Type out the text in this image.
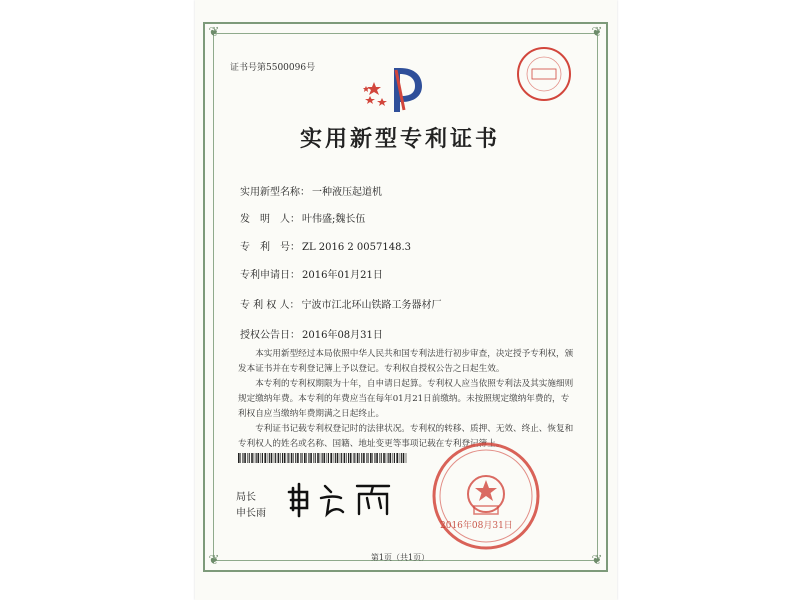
❦	❦
❦	❦
证书号第5500096号
实用新型专利证书
实用新型名称： 一种液压起道机
发　明　人： 叶伟盛;魏长伍
专　利　号： ZL 2016 2 0057148.3
专利申请日： 2016年01月21日
专 利 权 人： 宁波市江北环山铁路工务器材厂
授权公告日： 2016年08月31日

本实用新型经过本局依照中华人民共和国专利法进行初步审查，决定授予专利权，颁发本证书并在专利登记簿上予以登记。专利权自授权公告之日起生效。

本专利的专利权期限为十年，自申请日起算。专利权人应当依照专利法及其实施细则规定缴纳年费。本专利的年费应当在每年01月21日前缴纳。未按照规定缴纳年费的，专利权自应当缴纳年费期满之日起终止。

专利证书记载专利权登记时的法律状况。专利权的转移、质押、无效、终止、恢复和专利权人的姓名或名称、国籍、地址变更等事项记载在专利登记簿上。

局长
申长雨
2016年08月31日
第1页（共1页）
